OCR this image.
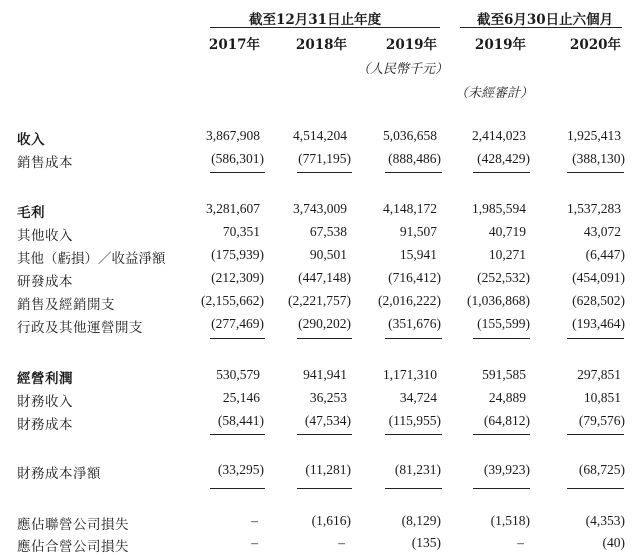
截至12月31日止年度	截至6月30日止六個月
2017年	2018年	2019年	2019年	2020年
（人民幣千元）
（未經審計）
收入	3,867,908	4,514,204	5,036,658	2,414,023	1,925,413
銷售成本	(586,301)	(771,195)	(888,486)	(428,429)	(388,130)
毛利	3,281,607	3,743,009	4,148,172	1,985,594	1,537,283
其他收入	70,351	67,538	91,507	40,719	43,072
其他（虧損）／收益淨額	(175,939)	90,501	15,941	10,271	(6,447)
研發成本	(212,309)	(447,148)	(716,412)	(252,532)	(454,091)
銷售及經銷開支	(2,155,662)	(2,221,757)	(2,016,222)	(1,036,868)	(628,502)
行政及其他運營開支	(277,469)	(290,202)	(351,676)	(155,599)	(193,464)
經營利潤	530,579	941,941	1,171,310	591,585	297,851
財務收入	25,146	36,253	34,724	24,889	10,851
財務成本	(58,441)	(47,534)	(115,955)	(64,812)	(79,576)
財務成本淨額	(33,295)	(11,281)	(81,231)	(39,923)	(68,725)
應佔聯營公司損失	–	(1,616)	(8,129)	(1,518)	(4,353)
應佔合營公司損失	–	–	(135)	–	(40)
